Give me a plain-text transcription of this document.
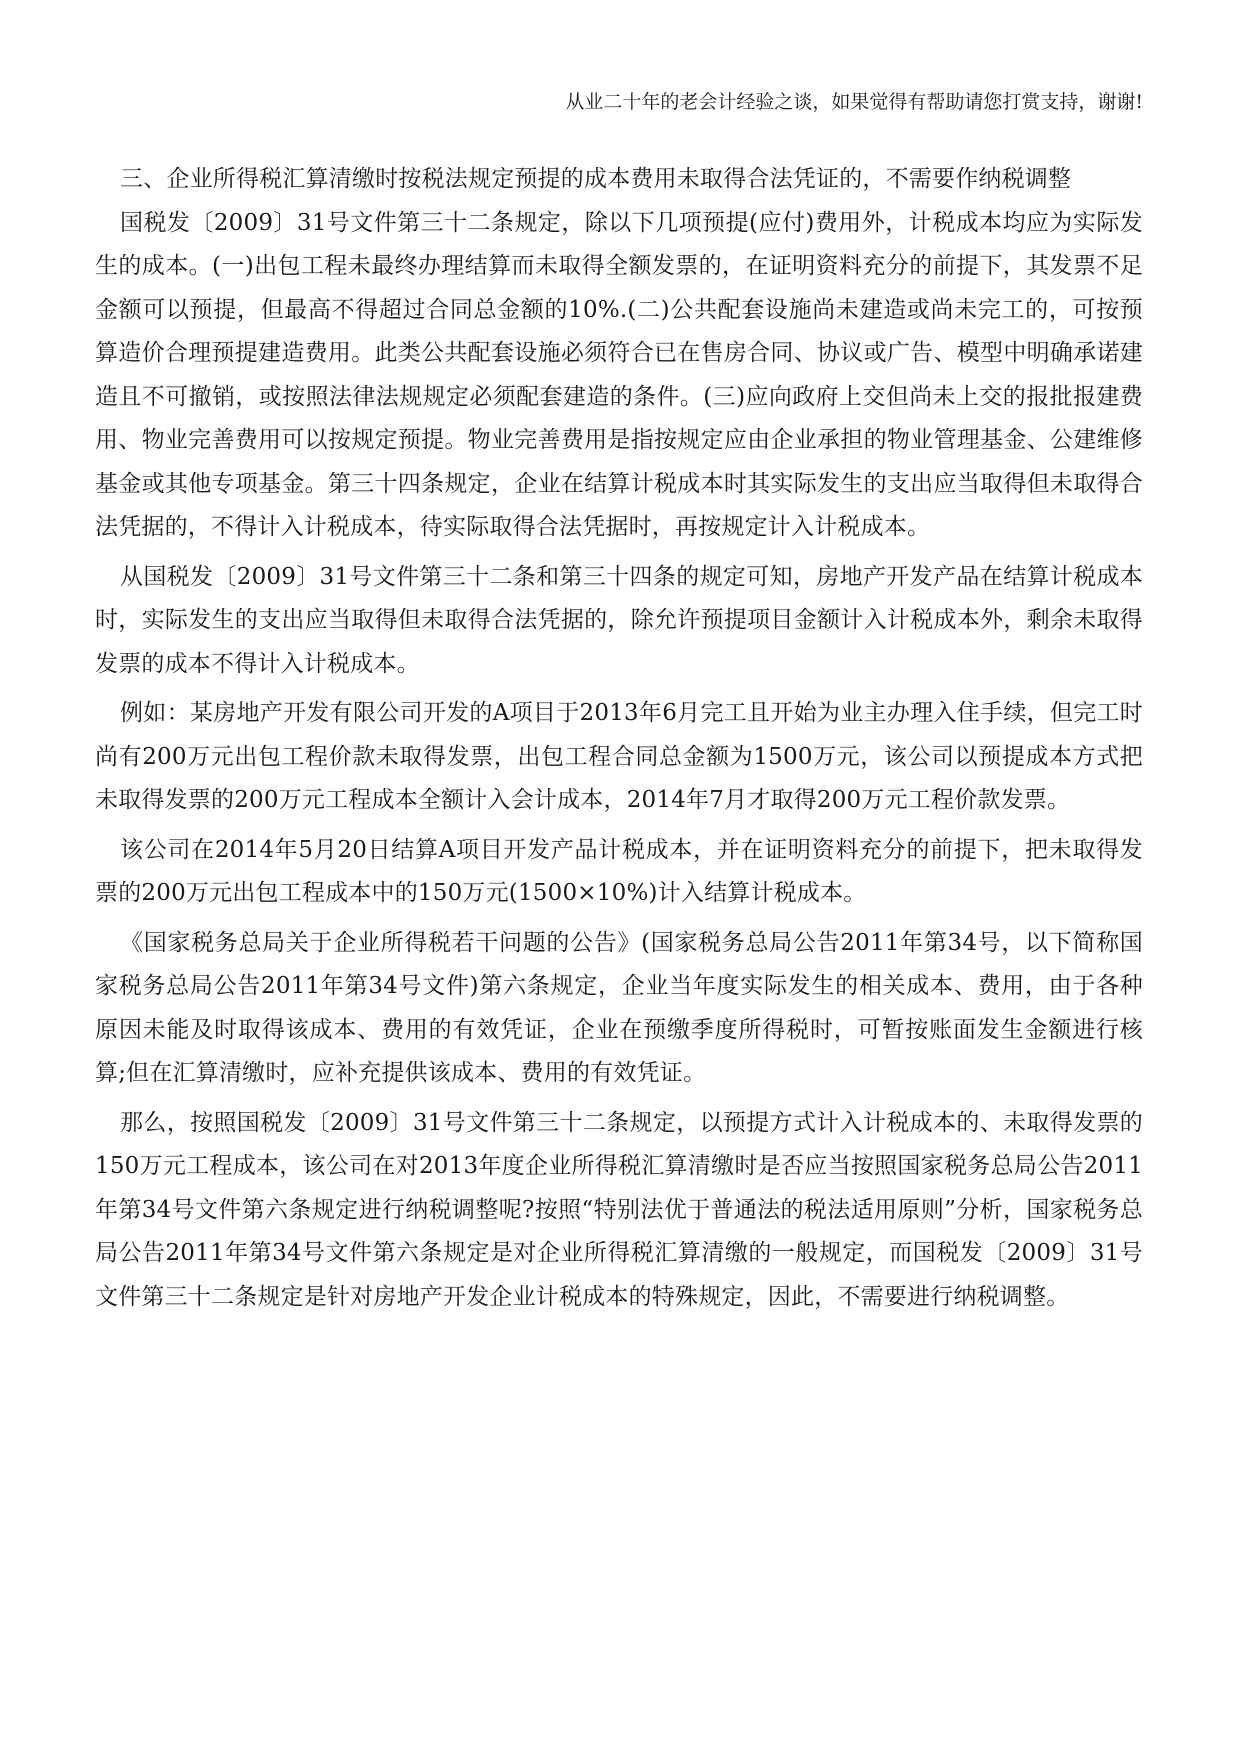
从业二十年的老会计经验之谈，如果觉得有帮助请您打赏支持，谢谢!

三、企业所得税汇算清缴时按税法规定预提的成本费用未取得合法凭证的，不需要作纳税调整

国税发〔2009〕31号文件第三十二条规定，除以下几项预提(应付)费用外，计税成本均应为实际发生的成本。(一)出包工程未最终办理结算而未取得全额发票的，在证明资料充分的前提下，其发票不足金额可以预提，但最高不得超过合同总金额的10%.(二)公共配套设施尚未建造或尚未完工的，可按预算造价合理预提建造费用。此类公共配套设施必须符合已在售房合同、协议或广告、模型中明确承诺建造且不可撤销，或按照法律法规规定必须配套建造的条件。(三)应向政府上交但尚未上交的报批报建费用、物业完善费用可以按规定预提。物业完善费用是指按规定应由企业承担的物业管理基金、公建维修基金或其他专项基金。第三十四条规定，企业在结算计税成本时其实际发生的支出应当取得但未取得合法凭据的，不得计入计税成本，待实际取得合法凭据时，再按规定计入计税成本。

从国税发〔2009〕31号文件第三十二条和第三十四条的规定可知，房地产开发产品在结算计税成本时，实际发生的支出应当取得但未取得合法凭据的，除允许预提项目金额计入计税成本外，剩余未取得发票的成本不得计入计税成本。

例如：某房地产开发有限公司开发的A项目于2013年6月完工且开始为业主办理入住手续，但完工时尚有200万元出包工程价款未取得发票，出包工程合同总金额为1500万元，该公司以预提成本方式把未取得发票的200万元工程成本全额计入会计成本，2014年7月才取得200万元工程价款发票。

该公司在2014年5月20日结算A项目开发产品计税成本，并在证明资料充分的前提下，把未取得发票的200万元出包工程成本中的150万元(1500×10%)计入结算计税成本。

《国家税务总局关于企业所得税若干问题的公告》(国家税务总局公告2011年第34号，以下简称国家税务总局公告2011年第34号文件)第六条规定，企业当年度实际发生的相关成本、费用，由于各种原因未能及时取得该成本、费用的有效凭证，企业在预缴季度所得税时，可暂按账面发生金额进行核算;但在汇算清缴时，应补充提供该成本、费用的有效凭证。

那么，按照国税发〔2009〕31号文件第三十二条规定，以预提方式计入计税成本的、未取得发票的150万元工程成本，该公司在对2013年度企业所得税汇算清缴时是否应当按照国家税务总局公告2011年第34号文件第六条规定进行纳税调整呢?按照“特别法优于普通法的税法适用原则”分析，国家税务总局公告2011年第34号文件第六条规定是对企业所得税汇算清缴的一般规定，而国税发〔2009〕31号文件第三十二条规定是针对房地产开发企业计税成本的特殊规定，因此，不需要进行纳税调整。
